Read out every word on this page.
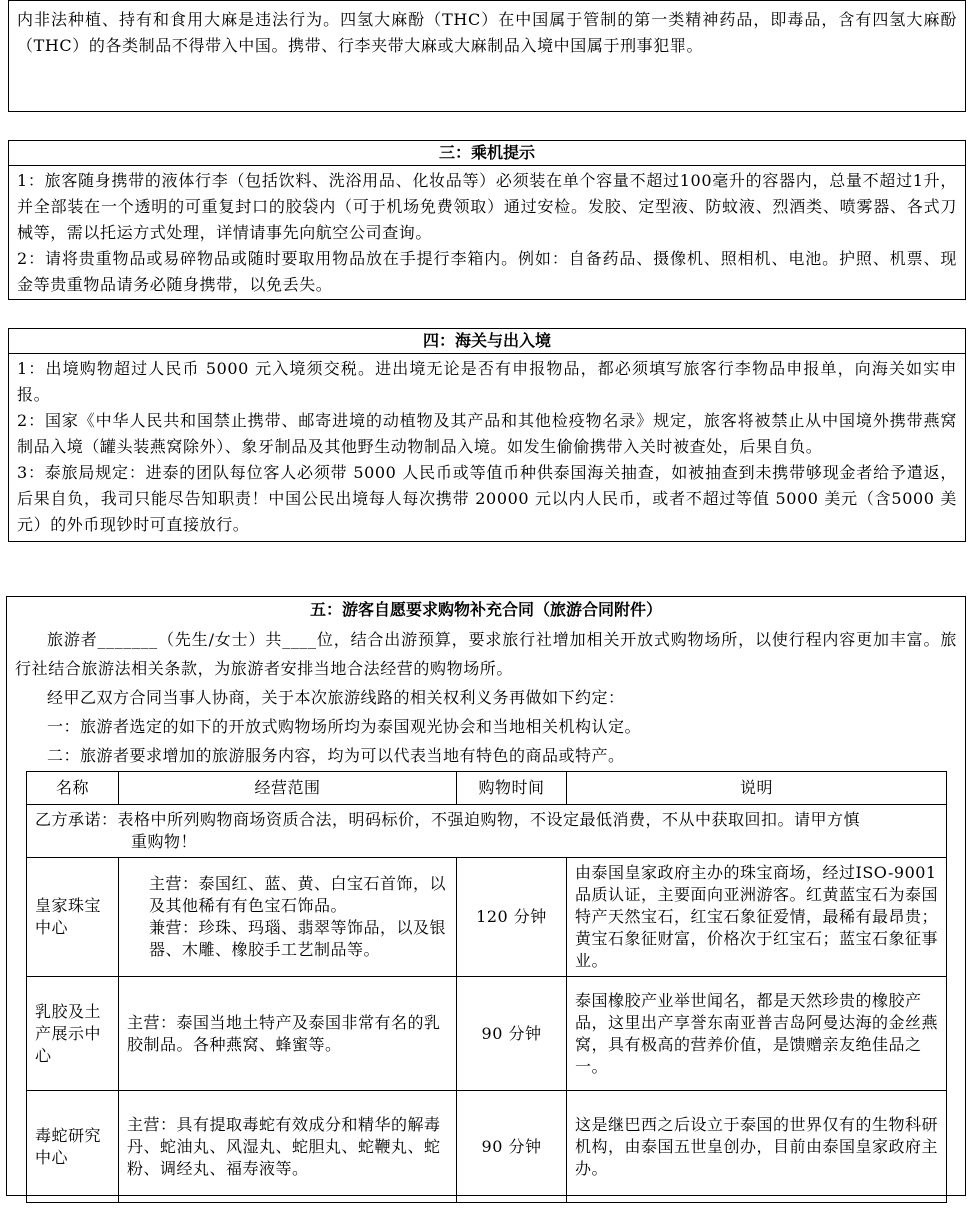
内非法种植、持有和食用大麻是违法行为。四氢大麻酚（THC）在中国属于管制的第一类精神药品，即毒品，含有四氢大麻酚（THC）的各类制品不得带入中国。携带、行李夹带大麻或大麻制品入境中国属于刑事犯罪。

三：乘机提示

1：旅客随身携带的液体行李（包括饮料、洗浴用品、化妆品等）必须装在单个容量不超过100毫升的容器内，总量不超过1升，并全部装在一个透明的可重复封口的胶袋内（可于机场免费领取）通过安检。发胶、定型液、防蚊液、烈酒类、喷雾器、各式刀械等，需以托运方式处理，详情请事先向航空公司查询。

2：请将贵重物品或易碎物品或随时要取用物品放在手提行李箱内。例如：自备药品、摄像机、照相机、电池。护照、机票、现金等贵重物品请务必随身携带，以免丢失。

四：海关与出入境

1：出境购物超过人民币 5000 元入境须交税。进出境无论是否有申报物品，都必须填写旅客行李物品申报单，向海关如实申报。

2：国家《中华人民共和国禁止携带、邮寄进境的动植物及其产品和其他检疫物名录》规定，旅客将被禁止从中国境外携带燕窝制品入境（罐头装燕窝除外）、象牙制品及其他野生动物制品入境。如发生偷偷携带入关时被查处，后果自负。

3：泰旅局规定：进泰的团队每位客人必须带 5000 人民币或等值币种供泰国海关抽查，如被抽查到未携带够现金者给予遣返，后果自负，我司只能尽告知职责！中国公民出境每人每次携带 20000 元以内人民币，或者不超过等值 5000 美元（含5000 美元）的外币现钞时可直接放行。

五：游客自愿要求购物补充合同（旅游合同附件）

旅游者_______（先生/女士）共____位，结合出游预算，要求旅行社增加相关开放式购物场所，以使行程内容更加丰富。旅行社结合旅游法相关条款，为旅游者安排当地合法经营的购物场所。

经甲乙双方合同当事人协商，关于本次旅游线路的相关权利义务再做如下约定：

一：旅游者选定的如下的开放式购物场所均为泰国观光协会和当地相关机构认定。

二：旅游者要求增加的旅游服务内容，均为可以代表当地有特色的商品或特产。

名称	经营范围	购物时间	说明

乙方承诺：表格中所列购物商场资质合法，明码标价，不强迫购物，不设定最低消费，不从中获取回扣。请甲方慎
重购物！			

皇家珠宝中心	主营：泰国红、蓝、黄、白宝石首饰，以及其他稀有有色宝石饰品。
兼营：珍珠、玛瑙、翡翠等饰品，以及银器、木雕、橡胶手工艺制品等。	120 分钟	由泰国皇家政府主办的珠宝商场，经过ISO-9001品质认证，主要面向亚洲游客。红黄蓝宝石为泰国特产天然宝石，红宝石象征爱情，最稀有最昂贵；黄宝石象征财富，价格次于红宝石；蓝宝石象征事业。
乳胶及土产展示中心	主营：泰国当地土特产及泰国非常有名的乳胶制品。各种燕窝、蜂蜜等。	90 分钟	泰国橡胶产业举世闻名，都是天然珍贵的橡胶产品，这里出产享誉东南亚普吉岛阿曼达海的金丝燕窝，具有极高的营养价值，是馈赠亲友绝佳品之一。
毒蛇研究中心	主营：具有提取毒蛇有效成分和精华的解毒丹、蛇油丸、风湿丸、蛇胆丸、蛇鞭丸、蛇粉、调经丸、福寿液等。	90 分钟	这是继巴西之后设立于泰国的世界仅有的生物科研机构，由泰国五世皇创办，目前由泰国皇家政府主办。
